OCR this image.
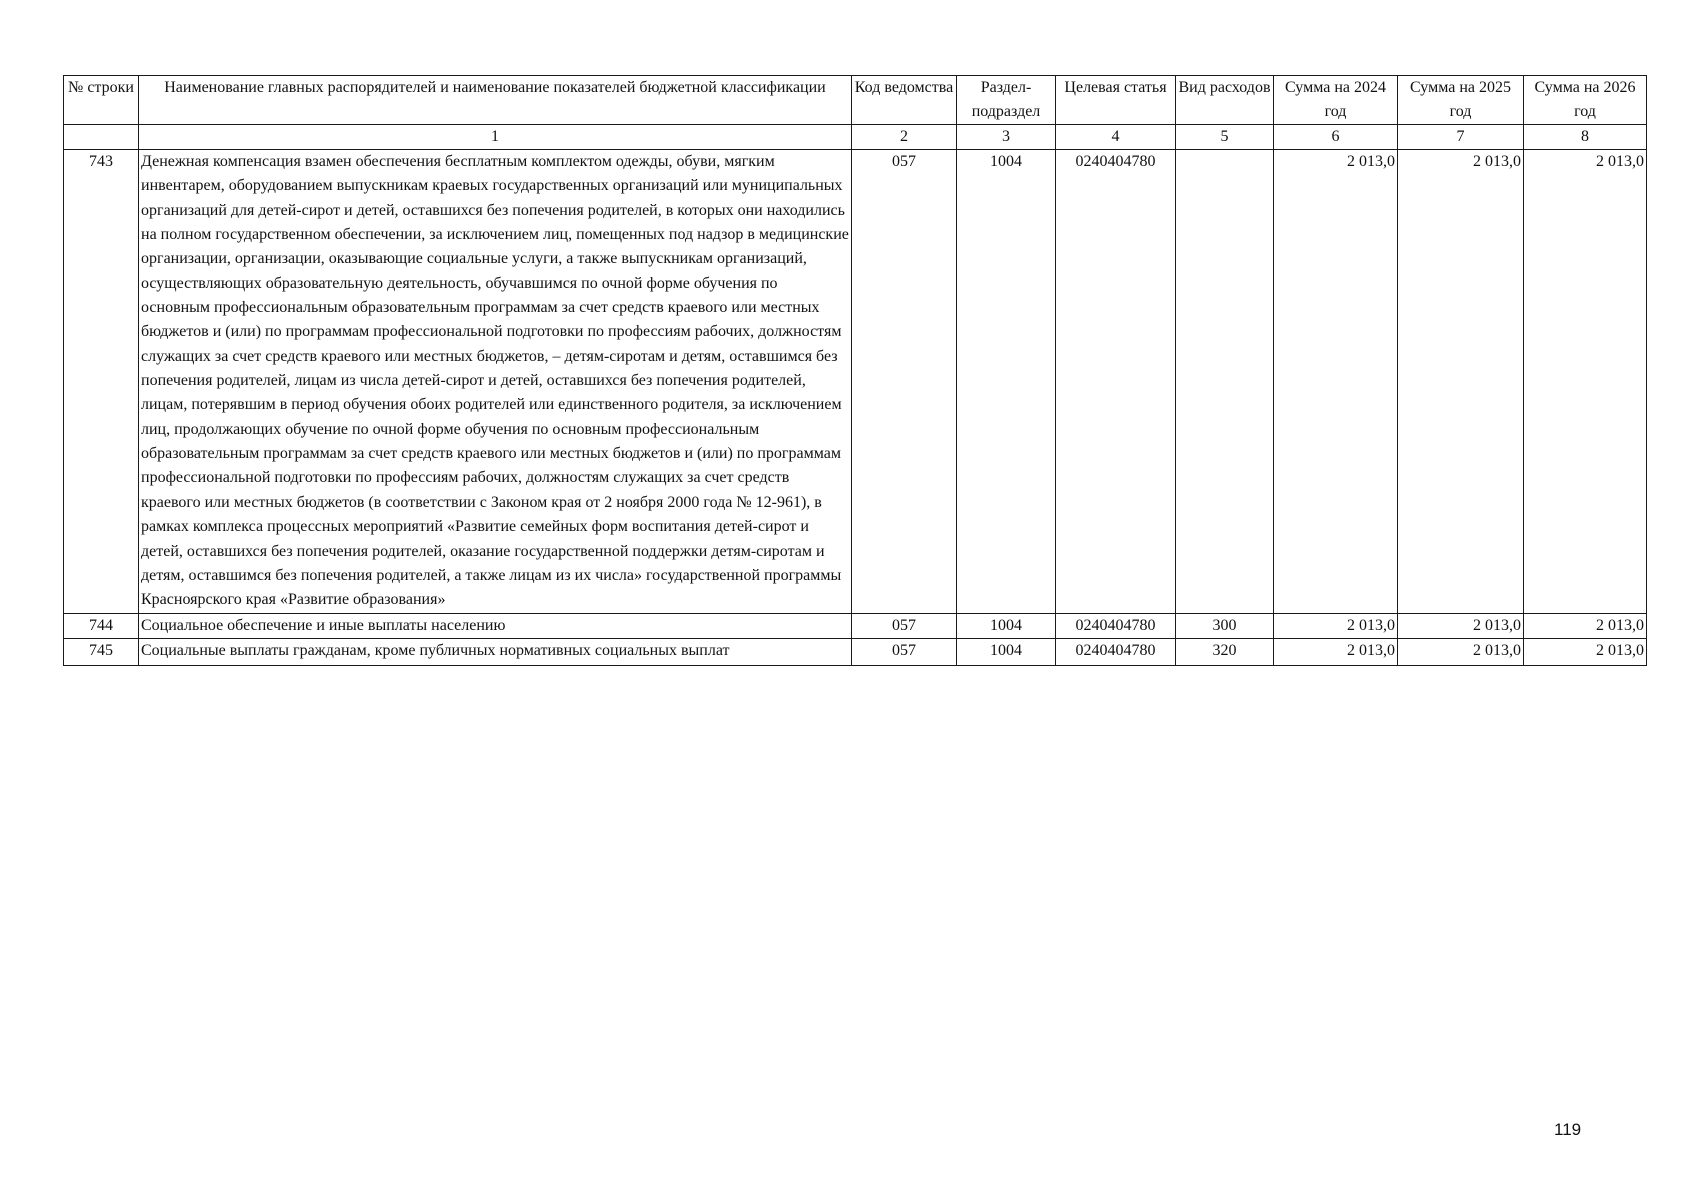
№ строки	Наименование главных распорядителей и наименование показателей бюджетной классификации	Код ведомства	Раздел-подраздел	Целевая статья	Вид расходов	Сумма на 2024 год	Сумма на 2025 год	Сумма на 2026 год
	1	2	3	4	5	6	7	8
743	Денежная компенсация взамен обеспечения бесплатным комплектом одежды, обуви, мягким инвентарем, оборудованием выпускникам краевых государственных организаций или муниципальных организаций для детей-сирот и детей, оставшихся без попечения родителей, в которых они находились на полном государственном обеспечении, за исключением лиц, помещенных под надзор в медицинские организации, организации, оказывающие социальные услуги, а также выпускникам организаций, осуществляющих образовательную деятельность, обучавшимся по очной форме обучения по основным профессиональным образовательным программам за счет средств краевого или местных бюджетов и (или) по программам профессиональной подготовки по профессиям рабочих, должностям служащих за счет средств краевого или местных бюджетов, – детям-сиротам и детям, оставшимся без попечения родителей, лицам из числа детей-сирот и детей, оставшихся без попечения родителей, лицам, потерявшим в период обучения обоих родителей или единственного родителя, за исключением лиц, продолжающих обучение по очной форме обучения по основным профессиональным образовательным программам за счет средств краевого или местных бюджетов и (или) по программам профессиональной подготовки по профессиям рабочих, должностям служащих за счет средств краевого или местных бюджетов (в соответствии с Законом края от 2 ноября 2000 года № 12-961), в рамках комплекса процессных мероприятий «Развитие семейных форм воспитания детей-сирот и детей, оставшихся без попечения родителей, оказание государственной поддержки детям-сиротам и детям, оставшимся без попечения родителей, а также лицам из их числа» государственной программы Красноярского края «Развитие образования»	057	1004	0240404780		2 013,0	2 013,0	2 013,0
744	Социальное обеспечение и иные выплаты населению	057	1004	0240404780	300	2 013,0	2 013,0	2 013,0
745	Социальные выплаты гражданам, кроме публичных нормативных социальных выплат	057	1004	0240404780	320	2 013,0	2 013,0	2 013,0
119
